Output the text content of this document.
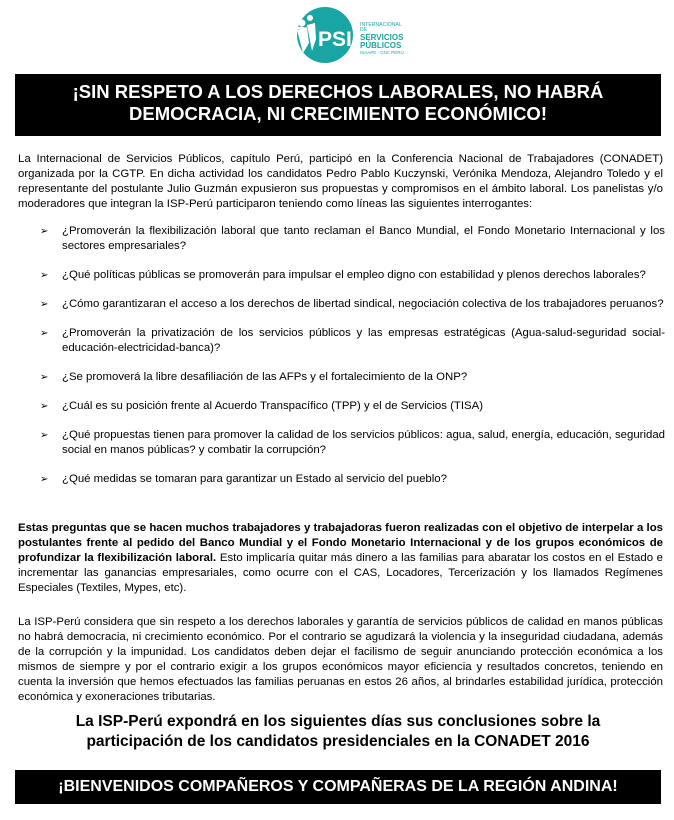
PSI
INTERNACIONAL DE
SERVICIOS
PÚBLICOS
ISAAPE - CNC PERÚ
¡SIN RESPETO A LOS DERECHOS LABORALES, NO HABRÁ
DEMOCRACIA, NI CRECIMIENTO ECONÓMICO!

La Internacional de Servicios Públicos, capítulo Perú, participó en la Conferencia Nacional de Trabajadores (CONADET) organizada por la CGTP. En dicha actividad los candidatos Pedro Pablo Kuczynski, Verónika Mendoza, Alejandro Toledo y el representante del postulante Julio Guzmán expusieron sus propuestas y compromisos en el ámbito laboral. Los panelistas y/o moderadores que integran la ISP-Perú participaron teniendo como líneas las siguientes interrogantes:

➢ ¿Promoverán la flexibilización laboral que tanto reclaman el Banco Mundial, el Fondo Monetario Internacional y los sectores empresariales?
➢ ¿Qué políticas públicas se promoverán para impulsar el empleo digno con estabilidad y plenos derechos laborales?
➢ ¿Cómo garantizaran el acceso a los derechos de libertad sindical, negociación colectiva de los trabajadores peruanos?
➢ ¿Promoverán la privatización de los servicios públicos y las empresas estratégicas (Agua-salud-seguridad social-educación-electricidad-banca)?
➢ ¿Se promoverá la libre desafiliación de las AFPs y el fortalecimiento de la ONP?
➢ ¿Cuál es su posición frente al Acuerdo Transpacífico (TPP) y el de Servicios (TISA)
➢ ¿Qué propuestas tienen para promover la calidad de los servicios públicos: agua, salud, energía, educación, seguridad social en manos públicas? y combatir la corrupción?
➢ ¿Qué medidas se tomaran para garantizar un Estado al servicio del pueblo?

Estas preguntas que se hacen muchos trabajadores y trabajadoras fueron realizadas con el objetivo de interpelar a los postulantes frente al pedido del Banco Mundial y el Fondo Monetario Internacional y de los grupos económicos de profundizar la flexibilización laboral. Esto implicaría quitar más dinero a las familias para abaratar los costos en el Estado e incrementar las ganancias empresariales, como ocurre con el CAS, Locadores, Tercerización y los llamados Regímenes Especiales (Textiles, Mypes, etc).

La ISP-Perú considera que sin respeto a los derechos laborales y garantía de servicios públicos de calidad en manos públicas no habrá democracia, ni crecimiento económico. Por el contrario se agudizará la violencia y la inseguridad ciudadana, además de la corrupción y la impunidad. Los candidatos deben dejar el facilismo de seguir anunciando protección económica a los mismos de siempre y por el contrario exigir a los grupos económicos mayor eficiencia y resultados concretos, teniendo en cuenta la inversión que hemos efectuados las familias peruanas en estos 26 años, al brindarles estabilidad jurídica, protección económica y exoneraciones tributarias.

La ISP-Perú expondrá en los siguientes días sus conclusiones sobre la
participación de los candidatos presidenciales en la CONADET 2016
¡BIENVENIDOS COMPAÑEROS Y COMPAÑERAS DE LA REGIÓN ANDINA!
